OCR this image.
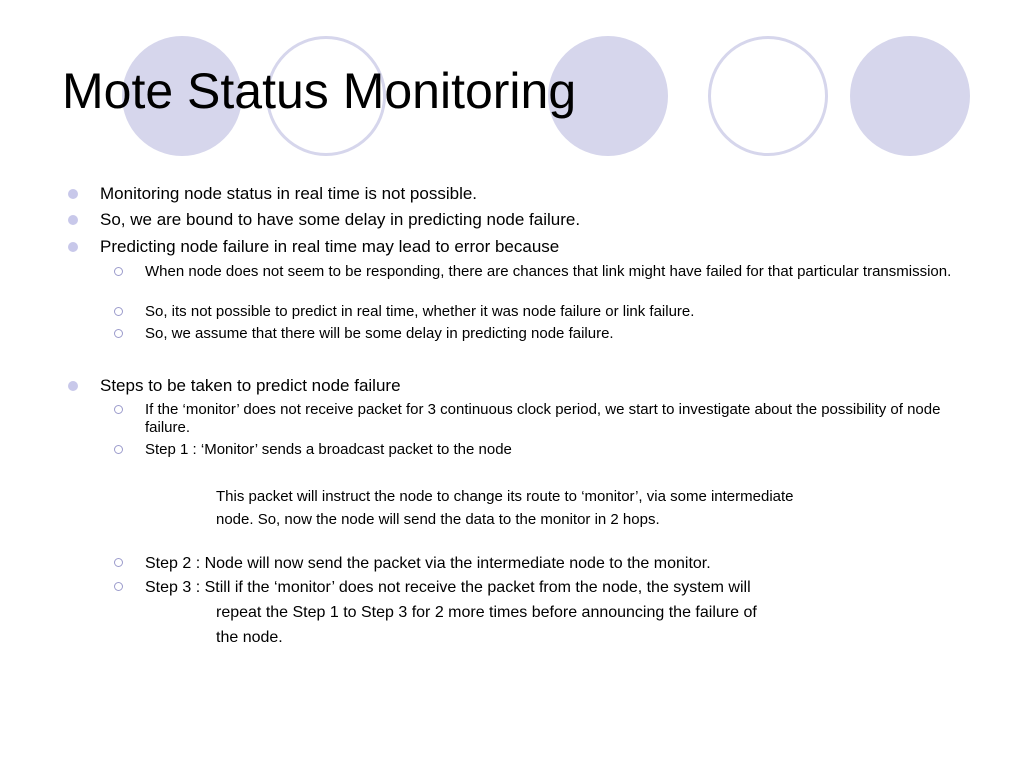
Mote Status Monitoring
Monitoring node status in real time is not possible.
So, we are bound to have some delay in predicting node failure.
Predicting node failure in real time may lead to error because
When node does not seem to be responding, there are chances that link might have failed for that particular transmission.
So, its not possible to predict in real time, whether it was node failure or link failure.
So, we assume that there will be some delay in predicting node failure.
Steps to be taken to predict node failure
If the ‘monitor’ does not receive packet for 3 continuous clock period, we start to investigate about the possibility of node failure.
Step 1 : ‘Monitor’ sends a broadcast packet to the node
This packet will instruct the node to change its route to ‘monitor’, via some intermediate
node. So, now the node will send the data to the monitor in 2 hops.
Step 2 : Node will now send the packet via the intermediate node to the monitor.
Step 3 : Still if the ‘monitor’ does not receive the packet from the node, the system will
repeat the Step 1 to Step 3 for 2 more times before announcing the failure of
the node.
